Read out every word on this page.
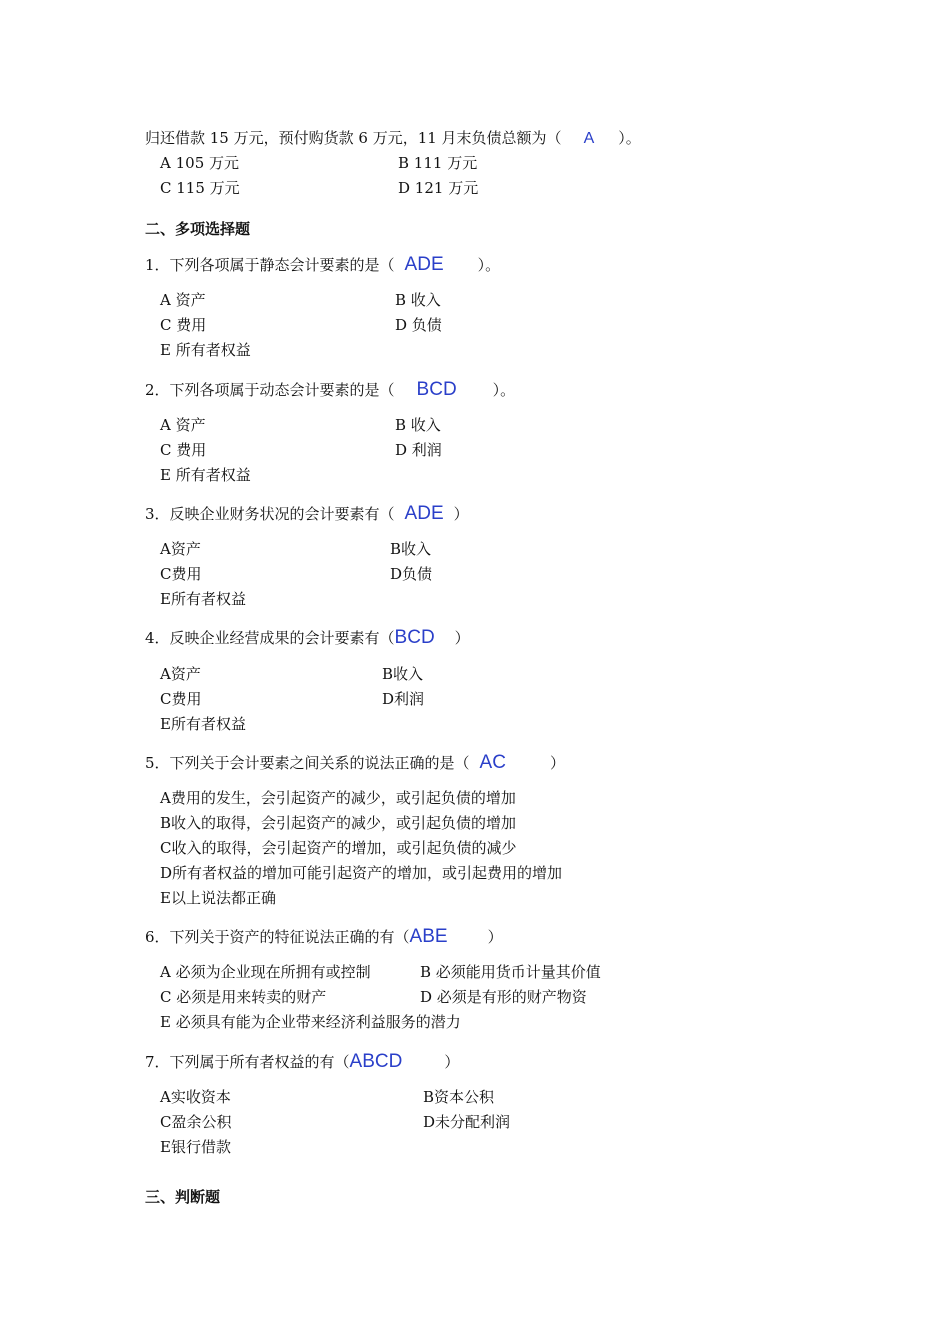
归还借款 15 万元，预付购货款 6 万元，11 月末负债总额为（ A ）。
A 105 万元	B 111 万元
C 115 万元	D 121 万元
二、多项选择题
1．下列各项属于静态会计要素的是（ ADE ）。
A 资产	B 收入
C 费用	D 负债
E 所有者权益
2．下列各项属于动态会计要素的是（ BCD ）。
A 资产	B 收入
C 费用	D 利润
E 所有者权益
3．反映企业财务状况的会计要素有（ ADE ）
A资产	B收入
C费用	D负债
E所有者权益
4．反映企业经营成果的会计要素有（BCD ）
A资产	B收入
C费用	D利润
E所有者权益
5．下列关于会计要素之间关系的说法正确的是（ AC	）
A费用的发生，会引起资产的减少，或引起负债的增加
B收入的取得，会引起资产的减少，或引起负债的增加
C收入的取得，会引起资产的增加，或引起负债的减少
D所有者权益的增加可能引起资产的增加，或引起费用的增加
E以上说法都正确
6．下列关于资产的特征说法正确的有（ABE	）
A 必须为企业现在所拥有或控制	B 必须能用货币计量其价值
C 必须是用来转卖的财产	D 必须是有形的财产物资
E 必须具有能为企业带来经济利益服务的潜力
7．下列属于所有者权益的有（ABCD	）
A实收资本	B资本公积
C盈余公积	D未分配利润
E银行借款
三、判断题
